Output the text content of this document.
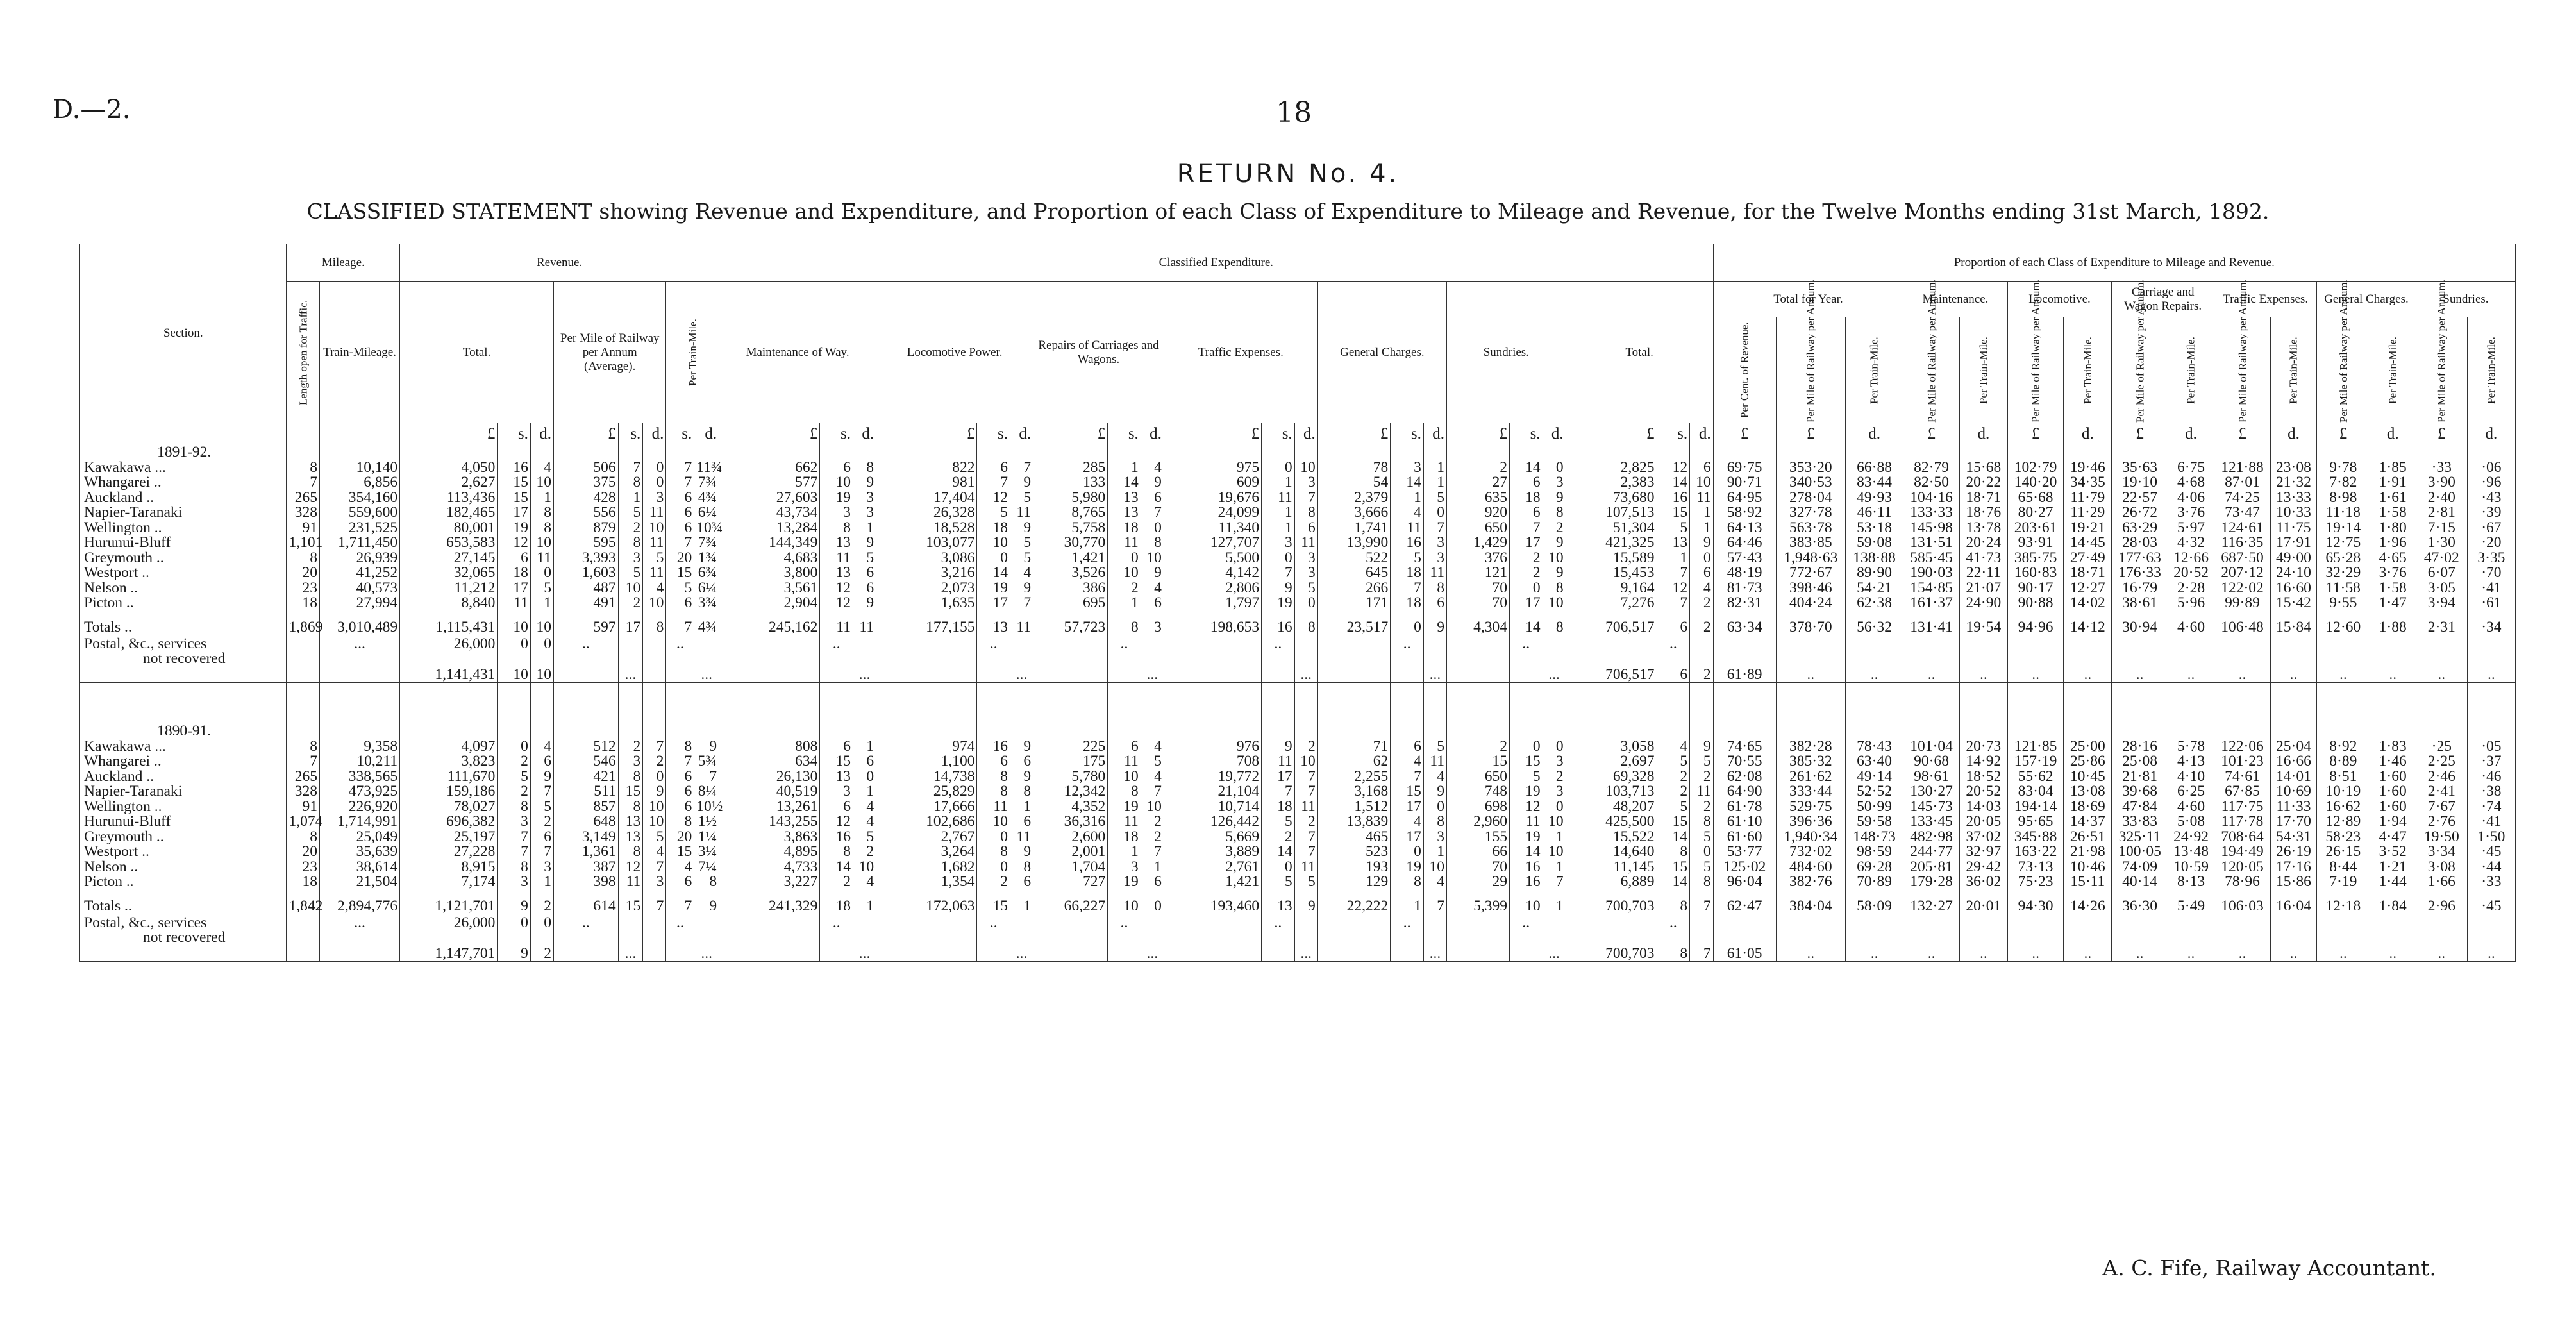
D.—2.	18
RETURN No. 4.
CLASSIFIED STATEMENT showing Revenue and Expenditure, and Proportion of each Class of Expenditure to Mileage and Revenue, for the Twelve Months ending 31st March, 1892.
Section.	Mileage.		Revenue.								Classified Expenditure.																					Proportion of each Class of Expenditure to Mileage and Revenue.														
	Length open for Traffic.	Train-Mileage.	Total.			Per Mile of Railway per Annum (Average).			Per Train-Mile.		Maintenance of Way.			Locomotive Power.			Repairs of Carriages and Wagons.			Traffic Expenses.			General Charges.			Sundries.			Total.			Total for Year.			Maintenance.		Locomotive.		Carriage and Wagon Repairs.		Traffic Expenses.		General Charges.		Sundries.	
																																Per Cent. of Revenue.	Per Mile of Railway per Annum.	Per Train-Mile.	Per Mile of Railway per Annum.	Per Train-Mile.	Per Mile of Railway per Annum.	Per Train-Mile.	Per Mile of Railway per Annum.	Per Train-Mile.	Per Mile of Railway per Annum.	Per Train-Mile.	Per Mile of Railway per Annum.	Per Train-Mile.	Per Mile of Railway per Annum.	Per Train-Mile.
			£	s.	d.	£	s.	d.	s.	d.	£	s.	d.	£	s.	d.	£	s.	d.	£	s.	d.	£	s.	d.	£	s.	d.	£	s.	d.	£	£	d.	£	d.	£	d.	£	d.	£	d.	£	d.	£	d.
1891-92.																																														
Kawakawa ...	8	10,140	4,050	16	4	506	7	0	7	11¾	662	6	8	822	6	7	285	1	4	975	0	10	78	3	1	2	14	0	2,825	12	6	69·75	353·20	66·88	82·79	15·68	102·79	19·46	35·63	6·75	121·88	23·08	9·78	1·85	·33	·06
Whangarei ..	7	6,856	2,627	15	10	375	8	0	7	7¾	577	10	9	981	7	9	133	14	9	609	1	3	54	14	1	27	6	3	2,383	14	10	90·71	340·53	83·44	82·50	20·22	140·20	34·35	19·10	4·68	87·01	21·32	7·82	1·91	3·90	·96
Auckland ..	265	354,160	113,436	15	1	428	1	3	6	4¾	27,603	19	3	17,404	12	5	5,980	13	6	19,676	11	7	2,379	1	5	635	18	9	73,680	16	11	64·95	278·04	49·93	104·16	18·71	65·68	11·79	22·57	4·06	74·25	13·33	8·98	1·61	2·40	·43
Napier-Taranaki	328	559,600	182,465	17	8	556	5	11	6	6¼	43,734	3	3	26,328	5	11	8,765	13	7	24,099	1	8	3,666	4	0	920	6	8	107,513	15	1	58·92	327·78	46·11	133·33	18·76	80·27	11·29	26·72	3·76	73·47	10·33	11·18	1·58	2·81	·39
Wellington ..	91	231,525	80,001	19	8	879	2	10	6	10¾	13,284	8	1	18,528	18	9	5,758	18	0	11,340	1	6	1,741	11	7	650	7	2	51,304	5	1	64·13	563·78	53·18	145·98	13·78	203·61	19·21	63·29	5·97	124·61	11·75	19·14	1·80	7·15	·67
Hurunui-Bluff	1,101	1,711,450	653,583	12	10	595	8	11	7	7¾	144,349	13	9	103,077	10	5	30,770	11	8	127,707	3	11	13,990	16	3	1,429	17	9	421,325	13	9	64·46	383·85	59·08	131·51	20·24	93·91	14·45	28·03	4·32	116·35	17·91	12·75	1·96	1·30	·20
Greymouth ..	8	26,939	27,145	6	11	3,393	3	5	20	1¾	4,683	11	5	3,086	0	5	1,421	0	10	5,500	0	3	522	5	3	376	2	10	15,589	1	0	57·43	1,948·63	138·88	585·45	41·73	385·75	27·49	177·63	12·66	687·50	49·00	65·28	4·65	47·02	3·35
Westport ..	20	41,252	32,065	18	0	1,603	5	11	15	6¾	3,800	13	6	3,216	14	4	3,526	10	9	4,142	7	3	645	18	11	121	2	9	15,453	7	6	48·19	772·67	89·90	190·03	22·11	160·83	18·71	176·33	20·52	207·12	24·10	32·29	3·76	6·07	·70
Nelson ..	23	40,573	11,212	17	5	487	10	4	5	6¼	3,561	12	6	2,073	19	9	386	2	4	2,806	9	5	266	7	8	70	0	8	9,164	12	4	81·73	398·46	54·21	154·85	21·07	90·17	12·27	16·79	2·28	122·02	16·60	11·58	1·58	3·05	·41
Picton ..	18	27,994	8,840	11	1	491	2	10	6	3¾	2,904	12	9	1,635	17	7	695	1	6	1,797	19	0	171	18	6	70	17	10	7,276	7	2	82·31	404·24	62·38	161·37	24·90	90·88	14·02	38·61	5·96	99·89	15·42	9·55	1·47	3·94	·61

Totals ..	1,869	3,010,489	1,115,431	10	10	597	17	8	7	4¾	245,162	11	11	177,155	13	11	57,723	8	3	198,653	16	8	23,517	0	9	4,304	14	8	706,517	6	2	63·34	378·70	56·32	131·41	19·54	94·96	14·12	30·94	4·60	106·48	15·84	12·60	1·88	2·31	·34
Postal, &c., services		...	26,000	0	0	..			..			..			..			..			..			..			..			..																
not recovered																																														
			1,141,431	10	10		...			...			...			...			...			...			...			...	706,517	6	2	61·89	..	..	..	..	..	..	..	..	..	..	..	..	..	..

1890-91.																																														
Kawakawa ...	8	9,358	4,097	0	4	512	2	7	8	9	808	6	1	974	16	9	225	6	4	976	9	2	71	6	5	2	0	0	3,058	4	9	74·65	382·28	78·43	101·04	20·73	121·85	25·00	28·16	5·78	122·06	25·04	8·92	1·83	·25	·05
Whangarei ..	7	10,211	3,823	2	6	546	3	2	7	5¾	634	15	6	1,100	6	6	175	11	5	708	11	10	62	4	11	15	15	3	2,697	5	5	70·55	385·32	63·40	90·68	14·92	157·19	25·86	25·08	4·13	101·23	16·66	8·89	1·46	2·25	·37
Auckland ..	265	338,565	111,670	5	9	421	8	0	6	7	26,130	13	0	14,738	8	9	5,780	10	4	19,772	17	7	2,255	7	4	650	5	2	69,328	2	2	62·08	261·62	49·14	98·61	18·52	55·62	10·45	21·81	4·10	74·61	14·01	8·51	1·60	2·46	·46
Napier-Taranaki	328	473,925	159,186	2	7	511	15	9	6	8¼	40,519	3	1	25,829	8	8	12,342	8	7	21,104	7	7	3,168	15	9	748	19	3	103,713	2	11	64·90	333·44	52·52	130·27	20·52	83·04	13·08	39·68	6·25	67·85	10·69	10·19	1·60	2·41	·38
Wellington ..	91	226,920	78,027	8	5	857	8	10	6	10½	13,261	6	4	17,666	11	1	4,352	19	10	10,714	18	11	1,512	17	0	698	12	0	48,207	5	2	61·78	529·75	50·99	145·73	14·03	194·14	18·69	47·84	4·60	117·75	11·33	16·62	1·60	7·67	·74
Hurunui-Bluff	1,074	1,714,991	696,382	3	2	648	13	10	8	1½	143,255	12	4	102,686	10	6	36,316	11	2	126,442	5	2	13,839	4	8	2,960	11	10	425,500	15	8	61·10	396·36	59·58	133·45	20·05	95·65	14·37	33·83	5·08	117·78	17·70	12·89	1·94	2·76	·41
Greymouth ..	8	25,049	25,197	7	6	3,149	13	5	20	1¼	3,863	16	5	2,767	0	11	2,600	18	2	5,669	2	7	465	17	3	155	19	1	15,522	14	5	61·60	1,940·34	148·73	482·98	37·02	345·88	26·51	325·11	24·92	708·64	54·31	58·23	4·47	19·50	1·50
Westport ..	20	35,639	27,228	7	7	1,361	8	4	15	3¼	4,895	8	2	3,264	8	9	2,001	1	7	3,889	14	7	523	0	1	66	14	10	14,640	8	0	53·77	732·02	98·59	244·77	32·97	163·22	21·98	100·05	13·48	194·49	26·19	26·15	3·52	3·34	·45
Nelson ..	23	38,614	8,915	8	3	387	12	7	4	7¼	4,733	14	10	1,682	0	8	1,704	3	1	2,761	0	11	193	19	10	70	16	1	11,145	15	5	125·02	484·60	69·28	205·81	29·42	73·13	10·46	74·09	10·59	120·05	17·16	8·44	1·21	3·08	·44
Picton ..	18	21,504	7,174	3	1	398	11	3	6	8	3,227	2	4	1,354	2	6	727	19	6	1,421	5	5	129	8	4	29	16	7	6,889	14	8	96·04	382·76	70·89	179·28	36·02	75·23	15·11	40·14	8·13	78·96	15·86	7·19	1·44	1·66	·33

Totals ..	1,842	2,894,776	1,121,701	9	2	614	15	7	7	9	241,329	18	1	172,063	15	1	66,227	10	0	193,460	13	9	22,222	1	7	5,399	10	1	700,703	8	7	62·47	384·04	58·09	132·27	20·01	94·30	14·26	36·30	5·49	106·03	16·04	12·18	1·84	2·96	·45
Postal, &c., services		...	26,000	0	0	..			..			..			..			..			..			..			..			..																
not recovered																																														
			1,147,701	9	2		...			...			...			...			...			...			...			...	700,703	8	7	61·05	..	..	..	..	..	..	..	..	..	..	..	..	..	..
A. C. Fife, Railway Accountant.
